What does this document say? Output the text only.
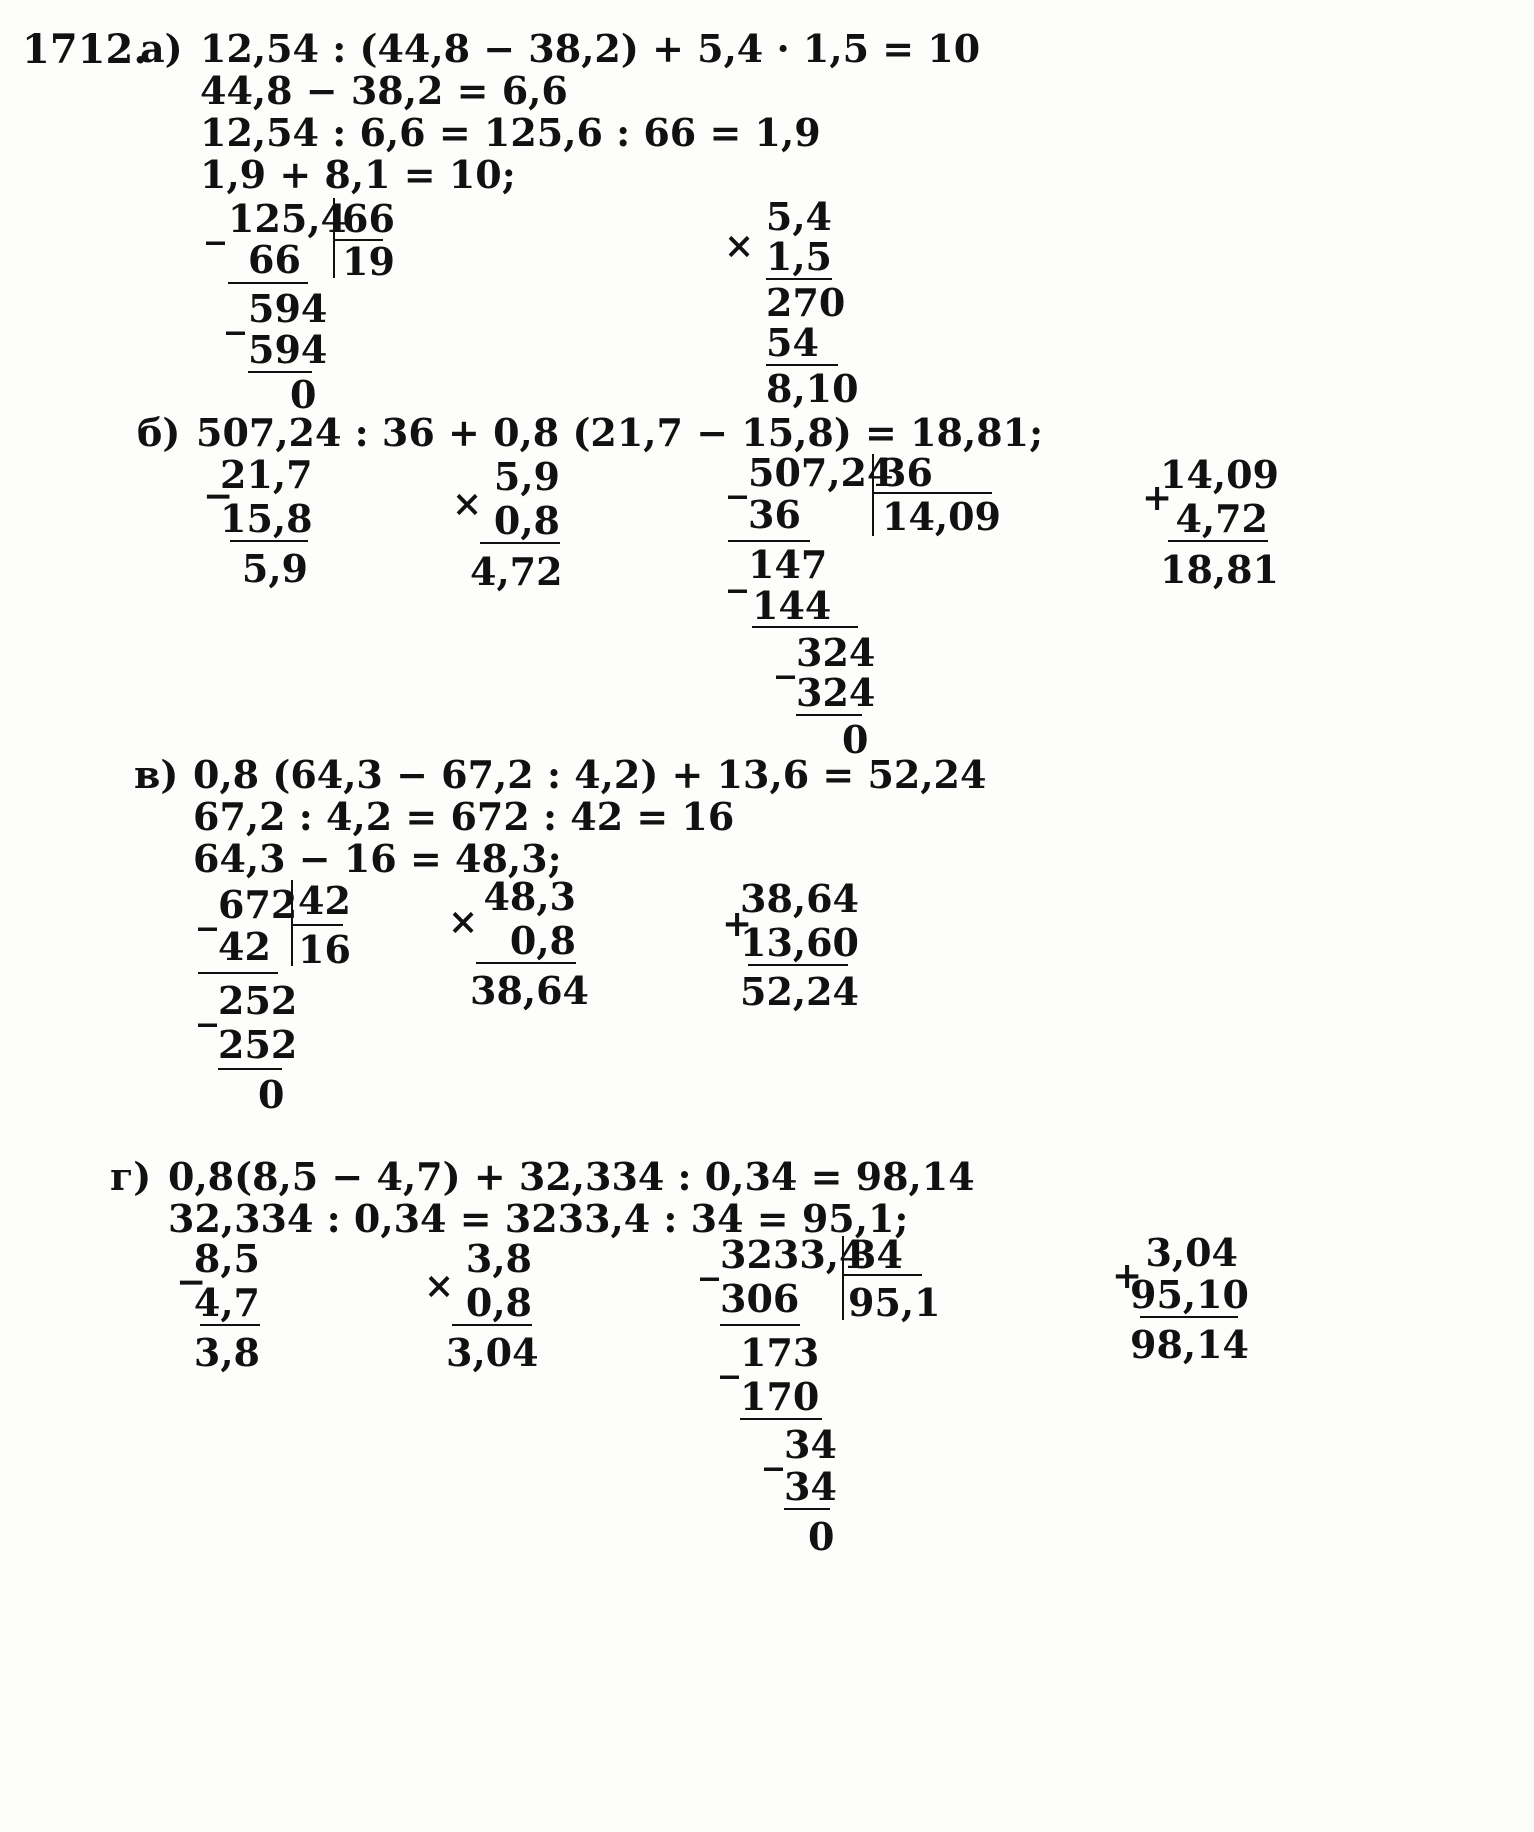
1712.
а) 12,54 : (44,8 − 38,2) + 5,4 · 1,5 = 10
44,8 − 38,2 = 6,6
12,54 : 6,6 = 125,6 : 66 = 1,9
1,9 + 8,1 = 10;
_ 125,4
66
19
66
_ 594
594
0
×
5,4
1,5
270
54
8,10
б) 507,24 : 36 + 0,8 (21,7 − 15,8) = 18,81;
−
21,7
15,8
5,9
×
5,9
0,8
4,72
_ 507,24
36
14,09
36
_ 147
144
_ 324
324
0
+
14,09
4,72
18,81
в) 0,8 (64,3 − 67,2 : 4,2) + 13,6 = 52,24
67,2 : 4,2 = 672 : 42 = 16
64,3 − 16 = 48,3;
_ 672 42
16
42
_ 252
252
0
×
48,3
0,8
38,64
+
38,64
13,60
52,24
г) 0,8(8,5 − 4,7) + 32,334 : 0,34 = 98,14
32,334 : 0,34 = 3233,4 : 34 = 95,1;
−
8,5
4,7
3,8
×
3,8
0,8
3,04
_ 3233,4
34
95,1
306
_ 173
170
_ 34
34
0
+
3,04
95,10
98,14
